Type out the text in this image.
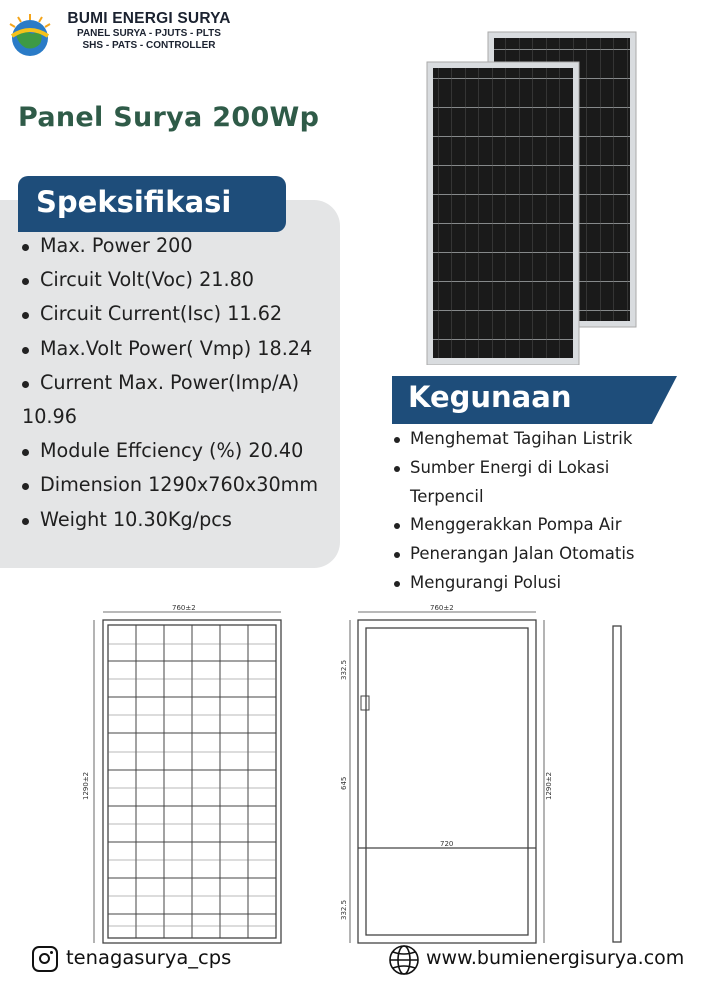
BUMI ENERGI SURYA
PANEL SURYA - PJUTS - PLTS
SHS - PATS - CONTROLLER
Panel Surya 200Wp
Speksifikasi
Max. Power 200
Circuit Volt(Voc) 21.80
Circuit Current(Isc) 11.62
Max.Volt Power( Vmp) 18.24
Current Max. Power(Imp/A)
10.96
Module Effciency (%) 20.40
Dimension 1290x760x30mm
Weight 10.30Kg/pcs
Kegunaan
Menghemat Tagihan Listrik
Sumber Energi di Lokasi
Terpencil
Menggerakkan Pompa Air
Penerangan Jalan Otomatis
Mengurangi Polusi
760±2
1290±2
760±2
1290±2
332.5
645
332.5
720
tenagasurya_cps	www.bumienergisurya.com
